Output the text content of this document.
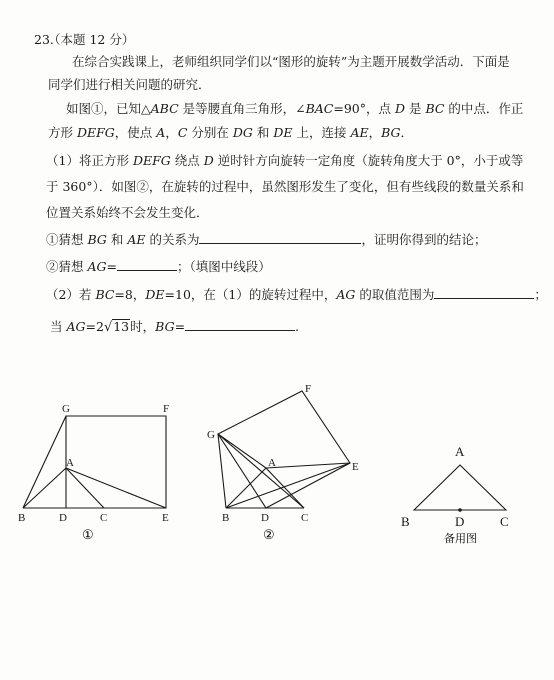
23.
（本题 12 分）
在综合实践课上，老师组织同学们以“图形的旋转”为主题开展数学活动．下面是
同学们进行相关问题的研究．
如图①，已知△ABC 是等腰直角三角形，∠BAC=90°，点 D 是 BC 的中点．作正
方形 DEFG，使点 A，C 分别在 DG 和 DE 上，连接 AE，BG．
（1）将正方形 DEFG 绕点 D 逆时针方向旋转一定角度（旋转角度大于 0°，小于或等
于 360°）．如图②，在旋转的过程中，虽然图形发生了变化，但有些线段的数量关系和
位置关系始终不会发生变化．
①猜想 BG 和 AE 的关系为	，证明你得到的结论；
②猜想 AG=	；（填图中线段）
（2）若 BC=8，DE=10，在（1）的旋转过程中，AG 的取值范围为	；
当 AG=2√13时，BG=	.
G	F
A
B	D	C	E
①
F
G
A	E
B	D	C
②
A
B	D	C
备用图
